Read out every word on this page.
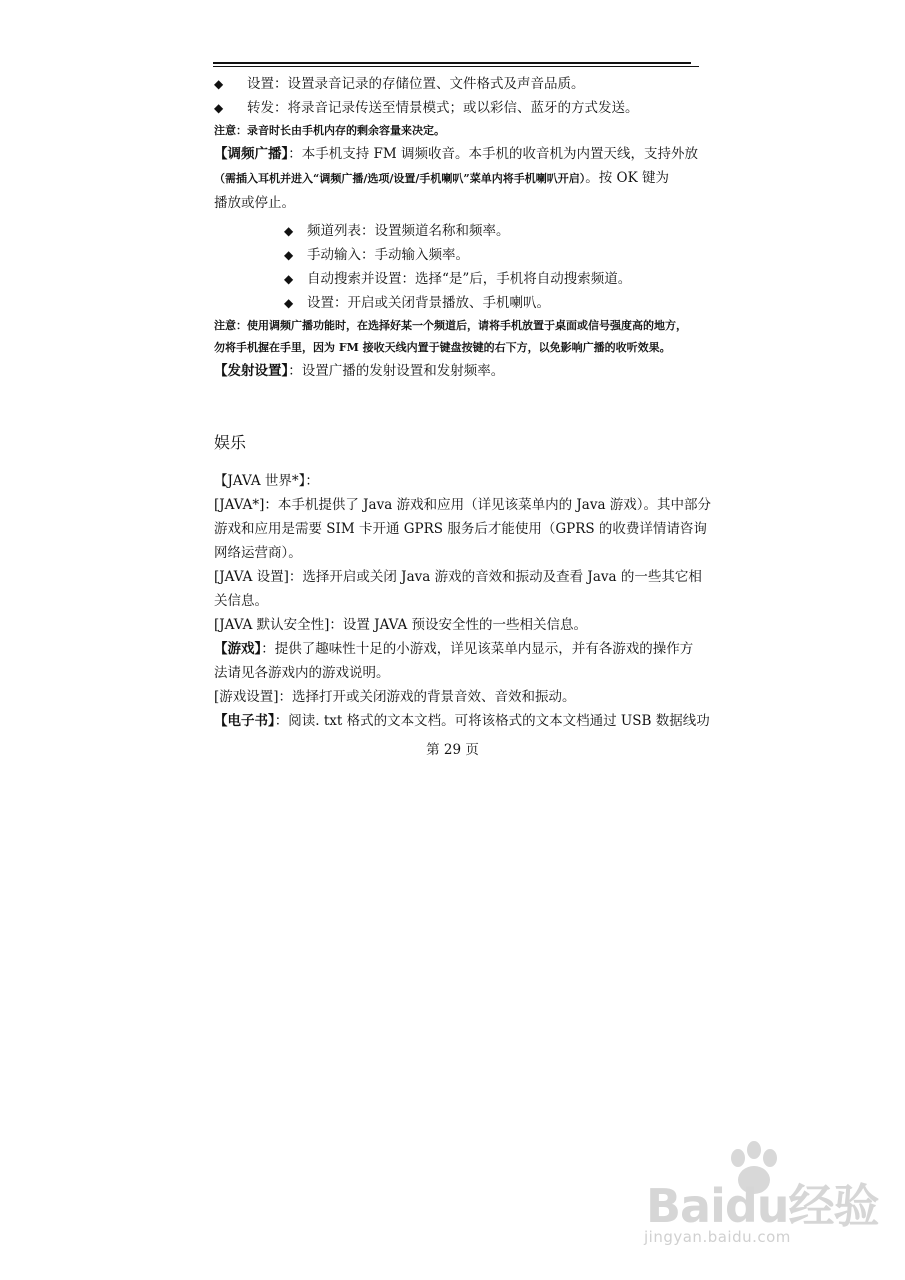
◆ 设置：设置录音记录的存储位置、文件格式及声音品质。
◆ 转发：将录音记录传送至情景模式；或以彩信、蓝牙的方式发送。
注意：录音时长由手机内存的剩余容量来决定。
【调频广播】：本手机支持 FM 调频收音。本手机的收音机为内置天线，支持外放
（需插入耳机并进入“调频广播/选项/设置/手机喇叭”菜单内将手机喇叭开启）。按 OK 键为
播放或停止。
◆ 频道列表：设置频道名称和频率。
◆ 手动输入：手动输入频率。
◆ 自动搜索并设置：选择“是”后，手机将自动搜索频道。
◆ 设置：开启或关闭背景播放、手机喇叭。
注意：使用调频广播功能时，在选择好某一个频道后，请将手机放置于桌面或信号强度高的地方，
勿将手机握在手里，因为 FM 接收天线内置于键盘按键的右下方，以免影响广播的收听效果。
【发射设置】：设置广播的发射设置和发射频率。
娱乐
【JAVA 世界*】：
[JAVA*]：本手机提供了 Java 游戏和应用（详见该菜单内的 Java 游戏）。其中部分
游戏和应用是需要 SIM 卡开通 GPRS 服务后才能使用（GPRS 的收费详情请咨询
网络运营商）。
[JAVA 设置]：选择开启或关闭 Java 游戏的音效和振动及查看 Java 的一些其它相
关信息。
[JAVA 默认安全性]：设置 JAVA 预设安全性的一些相关信息。
【游戏】：提供了趣味性十足的小游戏，详见该菜单内显示，并有各游戏的操作方
法请见各游戏内的游戏说明。
[游戏设置]：选择打开或关闭游戏的背景音效、音效和振动。
【电子书】：阅读. txt 格式的文本文档。可将该格式的文本文档通过 USB 数据线功
第 29 页
Baidu经验
jingyan.baidu.com
